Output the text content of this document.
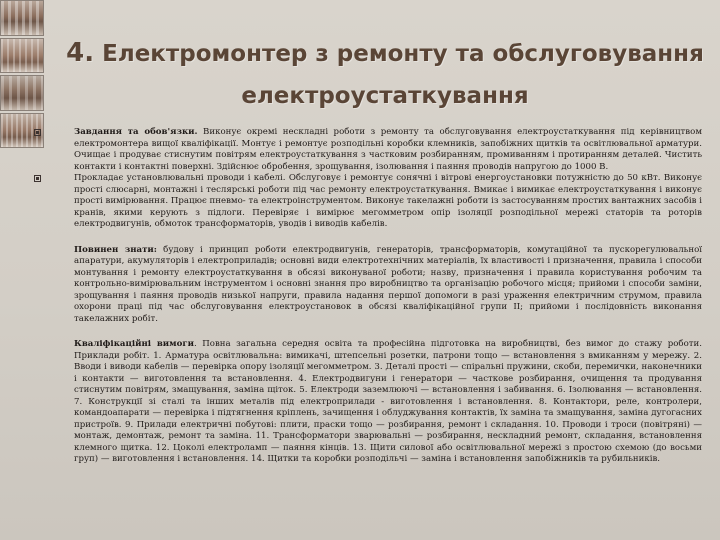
4. Електромонтер з ремонту та обслуговування електроустаткування

Завдання та обов'язки. Виконує окремі нескладні роботи з ремонту та обслуговування електроустаткування під керівництвом електромонтера вищої кваліфікації. Монтує і ремонтує розподільні коробки клемників, запобіжних щитків та освітлювальної арматури. Очищає і продуває стиснутим повітрям електроустаткування з частковим розбиранням, промиванням і протиранням деталей. Чистить контакти і контактні поверхні. Здійснює обробення, зрощування, ізолювання і паяння проводів напругою до 1000 В.

Прокладає установлювальні проводи і кабелі. Обслуговує і ремонтує сонячні і вітрові енергоустановки потужністю до 50 кВт. Виконує прості слюсарні, монтажні і теслярські роботи під час ремонту електроустаткування. Вмикає і вимикає електроустаткування і виконує прості вимірювання. Працює пневмо- та електроінструментом. Виконує такелажні роботи із застосуванням простих вантажних засобів і кранів, якими керують з підлоги. Перевіряє і вимірює мегомметром опір ізоляції розподільної мережі статорів та роторів електродвигунів, обмоток трансформаторів, уводів і виводів кабелів.

Повинен знати: будову і принцип роботи електродвигунів, генераторів, трансформаторів, комутаційної та пускорегулювальної апаратури, акумуляторів і електроприладів; основні види електротехнічних матеріалів, їх властивості і призначення, правила і способи монтування і ремонту електроустаткування в обсязі виконуваної роботи; назву, призначення і правила користування робочим та контрольно-вимірювальним інструментом і основні знання про виробництво та організацію робочого місця; прийоми і способи заміни, зрощування і паяння проводів низької напруги, правила надання першої допомоги в разі ураження електричним струмом, правила охорони праці під час обслуговування електроустановок в обсязі кваліфікаційної групи II; прийоми і послідовність виконання такелажних робіт.

Кваліфікаційні вимоги. Повна загальна середня освіта та професійна підготовка на виробництві, без вимог до стажу роботи. Приклади робіт. 1. Арматура освітлювальна: вимикачі, штепсельні розетки, патрони тощо — встановлення з вмиканням у мережу. 2. Вводи і виводи кабелів — перевірка опору ізоляції мегомметром. 3. Деталі прості — спіральні пружини, скоби, перемички, наконечники і контакти — виготовлення та встановлення. 4. Електродвигуни і генератори — часткове розбирання, очищення та продування стиснутим повітрям, змащування, заміна щіток. 5. Електроди заземлюючі — встановлення і забивання. 6. Ізолювання — встановлення. 7. Конструкції зі сталі та інших металів під електроприлади - виготовлення і встановлення. 8. Контактори, реле, контролери, командоапарати — перевірка і підтягнення кріплень, зачищення і облуджування контактів, їх заміна та змащування, заміна дугогасних пристроїв. 9. Прилади електричні побутові: плити, праски тощо — розбирання, ремонт і складання. 10. Проводи і троси (повітряні) — монтаж, демонтаж, ремонт та заміна. 11. Трансформатори зварювальні — розбирання, нескладний ремонт, складання, встановлення клемного щитка. 12. Цоколі електроламп — паяння кінців. 13. Щити силової або освітлювальної мережі з простою схемою (до восьми груп) — виготовлення і встановлення. 14. Щитки та коробки розподільчі — заміна і встановлення запобіжників та рубильників.
